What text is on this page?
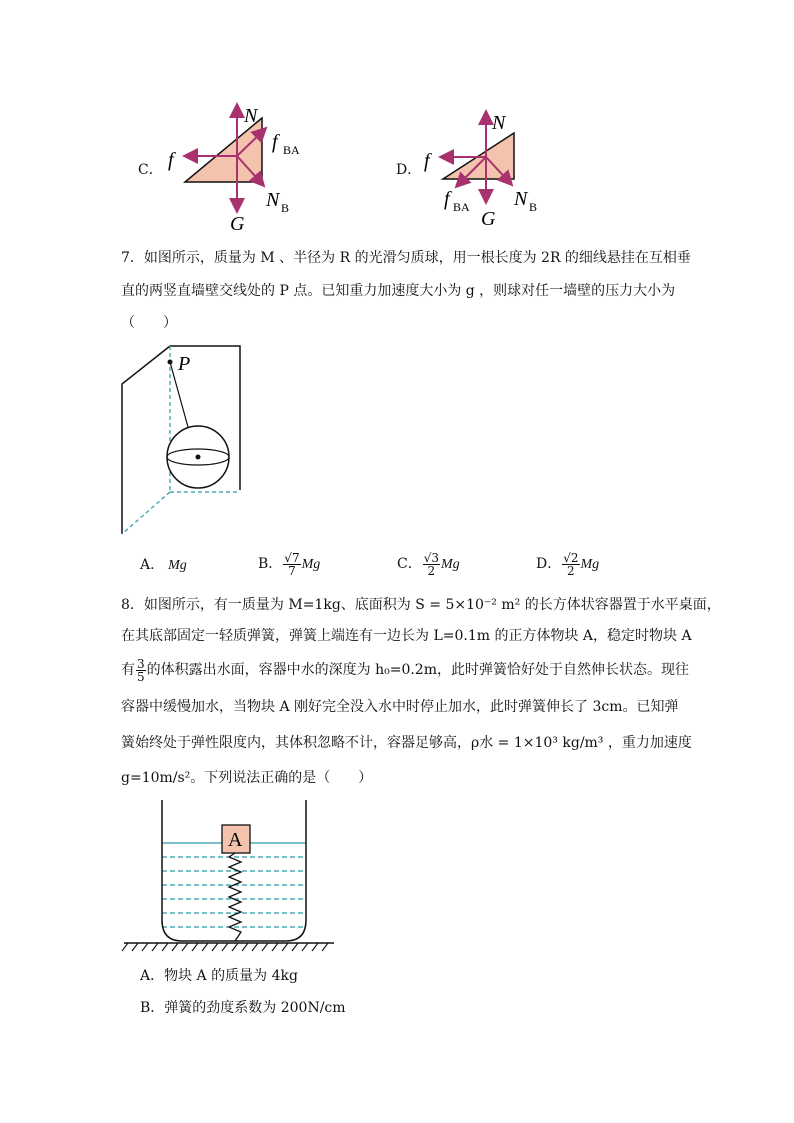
C．
N
f
G
f BA
N B
D．
N
f
G
f BA N B
7．如图所示，质量为 M 、半径为 R 的光滑匀质球，用一根长度为 2R 的细线悬挂在互相垂
直的两竖直墙壁交线处的 P 点。已知重力加速度大小为 g ，则球对任一墙壁的压力大小为
（　　）
P
A． Mg	B． $\frac{√7}{7}$ Mg	C． $\frac{√3}{2}$ Mg	D． $\frac{√2}{2}$ Mg
8．如图所示，有一质量为 M=1kg、底面积为 S = 5×10⁻² m² 的长方体状容器置于水平桌面，
在其底部固定一轻质弹簧，弹簧上端连有一边长为 L=0.1m 的正方体物块 A，稳定时物块 A
有 $\frac{3}{5}$ 的体积露出水面，容器中水的深度为 h₀=0.2m，此时弹簧恰好处于自然伸长状态。现往
容器中缓慢加水，当物块 A 刚好完全没入水中时停止加水，此时弹簧伸长了 3cm。已知弹
簧始终处于弹性限度内，其体积忽略不计，容器足够高，ρ水 = 1×10³ kg/m³ ，重力加速度
g=10m/s²。下列说法正确的是（　　）
A
A．物块 A 的质量为 4kg
B．弹簧的劲度系数为 200N/cm
